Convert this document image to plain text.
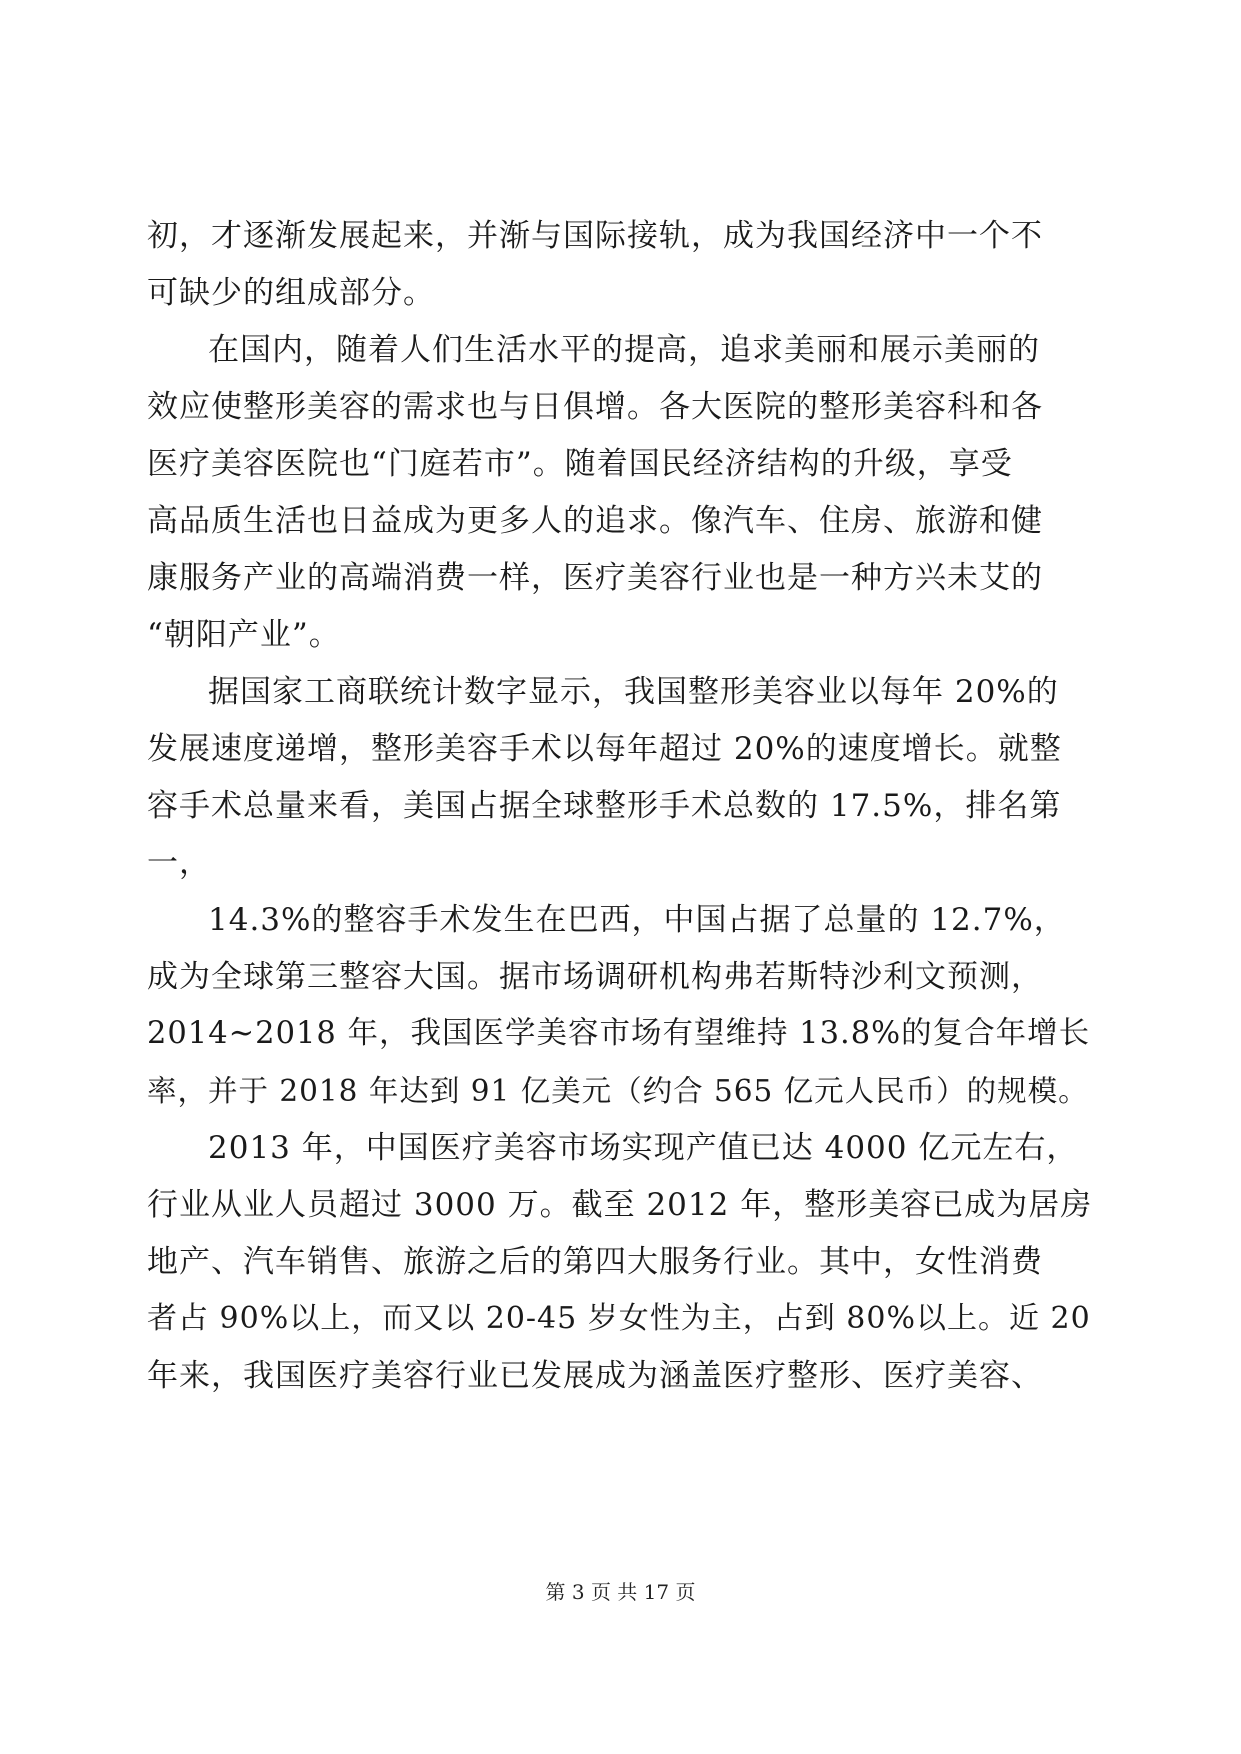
初，才逐渐发展起来，并渐与国际接轨，成为我国经济中一个不
可缺少的组成部分。
在国内，随着人们生活水平的提高，追求美丽和展示美丽的
效应使整形美容的需求也与日俱增。各大医院的整形美容科和各
医疗美容医院也“门庭若市”。随着国民经济结构的升级，享受
高品质生活也日益成为更多人的追求。像汽车、住房、旅游和健
康服务产业的高端消费一样，医疗美容行业也是一种方兴未艾的
“朝阳产业”。
据国家工商联统计数字显示，我国整形美容业以每年 20%的
发展速度递增，整形美容手术以每年超过 20%的速度增长。就整
容手术总量来看，美国占据全球整形手术总数的 17.5%，排名第
一，
14.3%的整容手术发生在巴西，中国占据了总量的 12.7%，
成为全球第三整容大国。据市场调研机构弗若斯特沙利文预测，
2014~2018 年，我国医学美容市场有望维持 13.8%的复合年增长
率，并于 2018 年达到 91 亿美元（约合 565 亿元人民币）的规模。
2013 年，中国医疗美容市场实现产值已达 4000 亿元左右，
行业从业人员超过 3000 万。截至 2012 年，整形美容已成为居房
地产、汽车销售、旅游之后的第四大服务行业。其中，女性消费
者占 90%以上，而又以 20-45 岁女性为主，占到 80%以上。近 20
年来，我国医疗美容行业已发展成为涵盖医疗整形、医疗美容、
第 3 页 共 17 页
